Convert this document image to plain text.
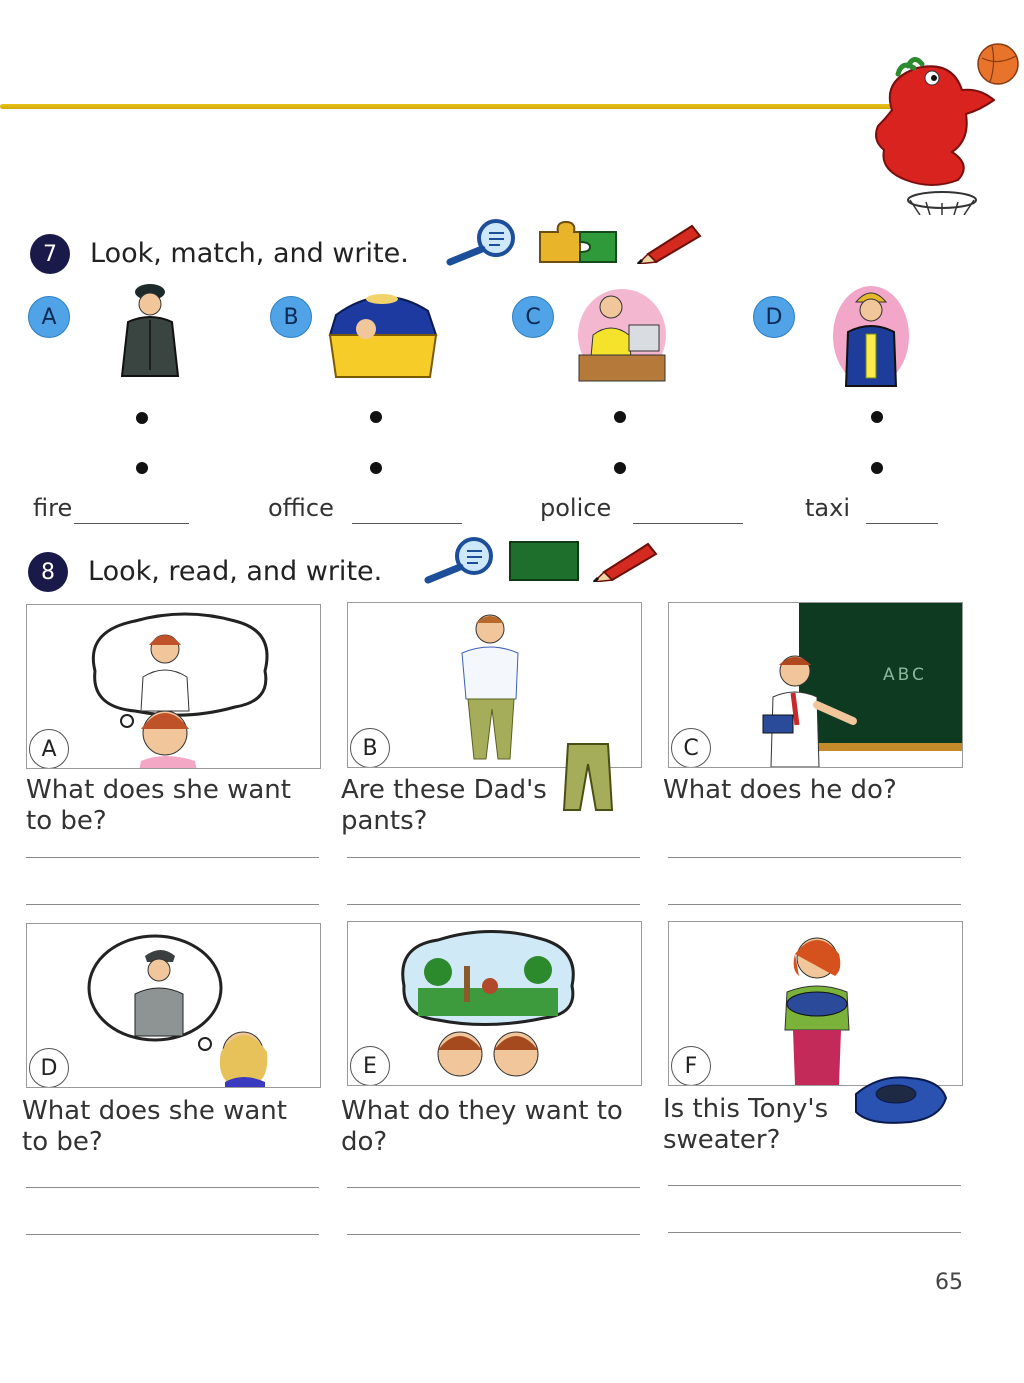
7	Look, match, and write.
A	B	C	D
fire	office	police	taxi
8	Look, read, and write.
A
What does she want
to be?
B
Are these Dad's
pants?
ABC
C
What does he do?
D
What does she want
to be?
E
What do they want to
do?
F
Is this Tony's
sweater?
65
